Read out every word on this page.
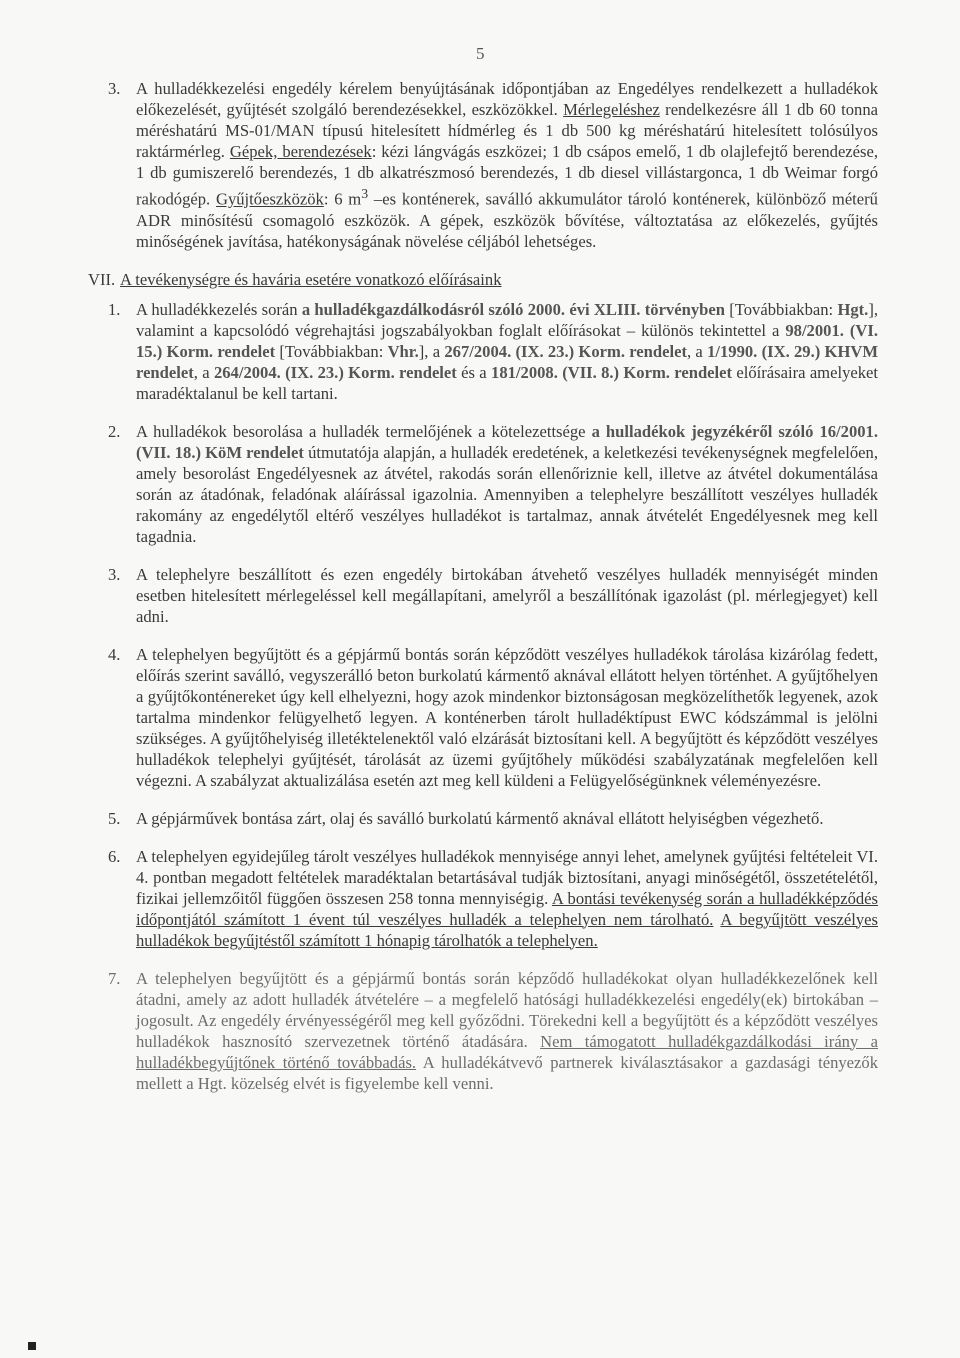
5
3. A hulladékkezelési engedély kérelem benyújtásának időpontjában az Engedélyes rendelkezett a hulladékok előkezelését, gyűjtését szolgáló berendezésekkel, eszközökkel. Mérlegeléshez rendelkezésre áll 1 db 60 tonna méréshatárú MS-01/MAN típusú hitelesített hídmérleg és 1 db 500 kg méréshatárú hitelesített tolósúlyos raktármérleg. Gépek, berendezések: kézi lángvágás eszközei; 1 db csápos emelő, 1 db olajlefejtő berendezése, 1 db gumiszerelő berendezés, 1 db alkatrészmosó berendezés, 1 db diesel villástargonca, 1 db Weimar forgó rakodógép. Gyűjtőeszközök: 6 $m^3$ –es konténerek, saválló akkumulátor tároló konténerek, különböző méterű ADR minősítésű csomagoló eszközök. A gépek, eszközök bővítése, változtatása az előkezelés, gyűjtés minőségének javítása, hatékonyságának növelése céljából lehetséges.
VII. A tevékenységre és havária esetére vonatkozó előírásaink
1. A hulladékkezelés során a hulladékgazdálkodásról szóló 2000. évi XLIII. törvényben [Továbbiakban: Hgt.], valamint a kapcsolódó végrehajtási jogszabályokban foglalt előírásokat – különös tekintettel a 98/2001. (VI. 15.) Korm. rendelet [Továbbiakban: Vhr.], a 267/2004. (IX. 23.) Korm. rendelet, a 1/1990. (IX. 29.) KHVM rendelet, a 264/2004. (IX. 23.) Korm. rendelet és a 181/2008. (VII. 8.) Korm. rendelet előírásaira amelyeket maradéktalanul be kell tartani.
2. A hulladékok besorolása a hulladék termelőjének a kötelezettsége a hulladékok jegyzékéről szóló 16/2001. (VII. 18.) KöM rendelet útmutatója alapján, a hulladék eredetének, a keletkezési tevékenységnek megfelelően, amely besorolást Engedélyesnek az átvétel, rakodás során ellenőriznie kell, illetve az átvétel dokumentálása során az átadónak, feladónak aláírással igazolnia. Amennyiben a telephelyre beszállított veszélyes hulladék rakomány az engedélytől eltérő veszélyes hulladékot is tartalmaz, annak átvételét Engedélyesnek meg kell tagadnia.
3. A telephelyre beszállított és ezen engedély birtokában átvehető veszélyes hulladék mennyiségét minden esetben hitelesített mérlegeléssel kell megállapítani, amelyről a beszállítónak igazolást (pl. mérlegjegyet) kell adni.
4. A telephelyen begyűjtött és a gépjármű bontás során képződött veszélyes hulladékok tárolása kizárólag fedett, előírás szerint saválló, vegyszerálló beton burkolatú kármentő aknával ellátott helyen történhet. A gyűjtőhelyen a gyűjtőkonténereket úgy kell elhelyezni, hogy azok mindenkor biztonságosan megközelíthetők legyenek, azok tartalma mindenkor felügyelhető legyen. A konténerben tárolt hulladéktípust EWC kódszámmal is jelölni szükséges. A gyűjtőhelyiség illetéktelenektől való elzárását biztosítani kell. A begyűjtött és képződött veszélyes hulladékok telephelyi gyűjtését, tárolását az üzemi gyűjtőhely működési szabályzatának megfelelően kell végezni. A szabályzat aktualizálása esetén azt meg kell küldeni a Felügyelőségünknek véleményezésre.
5. A gépjárművek bontása zárt, olaj és saválló burkolatú kármentő aknával ellátott helyiségben végezhető.
6. A telephelyen egyidejűleg tárolt veszélyes hulladékok mennyisége annyi lehet, amelynek gyűjtési feltételeit VI. 4. pontban megadott feltételek maradéktalan betartásával tudják biztosítani, anyagi minőségétől, összetételétől, fizikai jellemzőitől függően összesen 258 tonna mennyiségig. A bontási tevékenység során a hulladékképződés időpontjától számított 1 évent túl veszélyes hulladék a telephelyen nem tárolható. A begyűjtött veszélyes hulladékok begyűjtéstől számított 1 hónapig tárolhatók a telephelyen.
7. A telephelyen begyűjtött és a gépjármű bontás során képződő hulladékokat olyan hulladékkezelőnek kell átadni, amely az adott hulladék átvételére – a megfelelő hatósági hulladékkezelési engedély(ek) birtokában – jogosult. Az engedély érvényességéről meg kell győződni. Törekedni kell a begyűjtött és a képződött veszélyes hulladékok hasznosító szervezetnek történő átadására. Nem támogatott hulladékgazdálkodási irány a hulladékbegyűjtőnek történő továbbadás. A hulladékátvevő partnerek kiválasztásakor a gazdasági tényezők mellett a Hgt. közelség elvét is figyelembe kell venni.
